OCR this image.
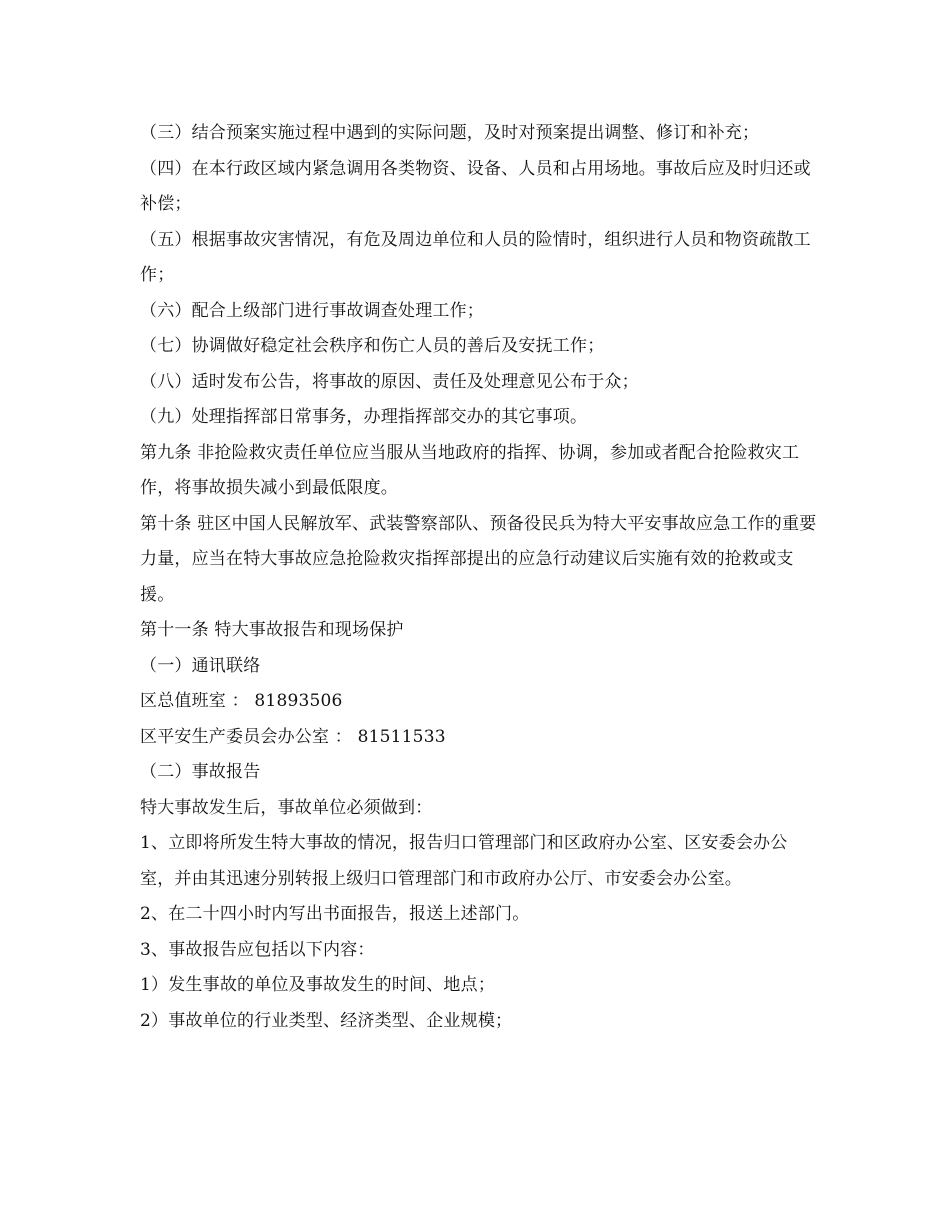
（三）结合预案实施过程中遇到的实际问题，及时对预案提出调整、修订和补充；

（四）在本行政区域内紧急调用各类物资、设备、人员和占用场地。事故后应及时归还或补偿；

（五）根据事故灾害情况，有危及周边单位和人员的险情时，组织进行人员和物资疏散工作；

（六）配合上级部门进行事故调查处理工作；

（七）协调做好稳定社会秩序和伤亡人员的善后及安抚工作；

（八）适时发布公告，将事故的原因、责任及处理意见公布于众；

（九）处理指挥部日常事务，办理指挥部交办的其它事项。

第九条 非抢险救灾责任单位应当服从当地政府的指挥、协调，参加或者配合抢险救灾工作，将事故损失减小到最低限度。

第十条 驻区中国人民解放军、武装警察部队、预备役民兵为特大平安事故应急工作的重要力量，应当在特大事故应急抢险救灾指挥部提出的应急行动建议后实施有效的抢救或支援。

第十一条 特大事故报告和现场保护

（一）通讯联络

区总值班室 ： 81893506

区平安生产委员会办公室 ： 81511533

（二）事故报告

特大事故发生后，事故单位必须做到：

1、立即将所发生特大事故的情况，报告归口管理部门和区政府办公室、区安委会办公室，并由其迅速分别转报上级归口管理部门和市政府办公厅、市安委会办公室。

2、在二十四小时内写出书面报告，报送上述部门。

3、事故报告应包括以下内容：

1）发生事故的单位及事故发生的时间、地点；

2）事故单位的行业类型、经济类型、企业规模；
